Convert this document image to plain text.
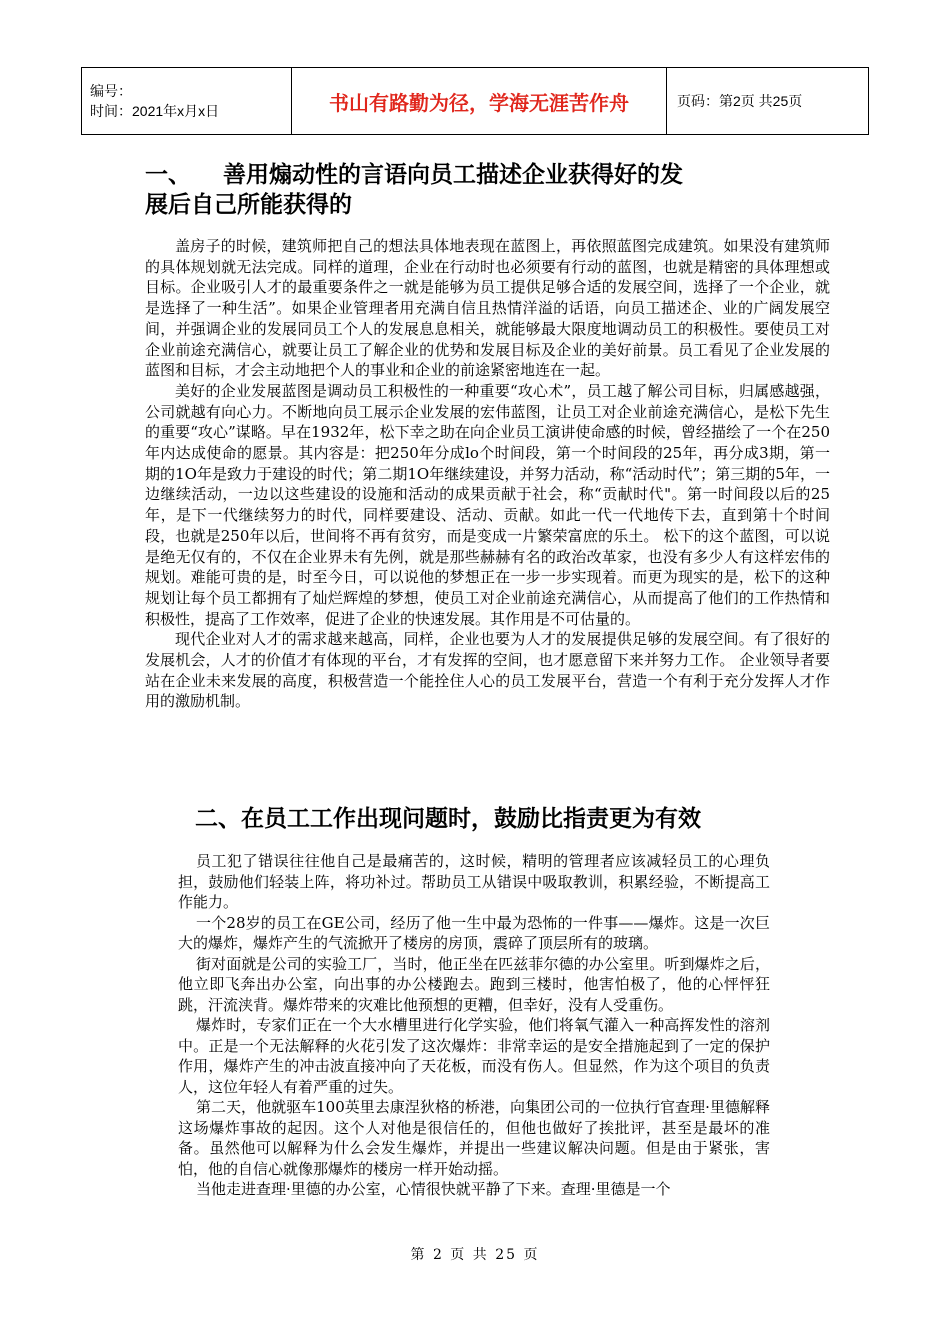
编号：
时间：2021年x月x日	书山有路勤为径，学海无涯苦作舟	页码：第2页 共25页
一、    善用煽动性的言语向员工描述企业获得好的发
展后自己所能获得的

盖房子的时候，建筑师把自己的想法具体地表现在蓝图上，再依照蓝图完成建筑。如果没有建筑师的具体规划就无法完成。同样的道理，企业在行动时也必须要有行动的蓝图，也就是精密的具体理想或目标。企业吸引人才的最重要条件之一就是能够为员工提供足够合适的发展空间，选择了一个企业，就是选择了一种生活”。如果企业管理者用充满自信且热情洋溢的话语，向员工描述企、业的广阔发展空间，并强调企业的发展同员工个人的发展息息相关，就能够最大限度地调动员工的积极性。要使员工对企业前途充满信心，就要让员工了解企业的优势和发展目标及企业的美好前景。员工看见了企业发展的蓝图和目标，才会主动地把个人的事业和企业的前途紧密地连在一起。

美好的企业发展蓝图是调动员工积极性的一种重要“攻心术”，员工越了解公司目标，归属感越强，公司就越有向心力。不断地向员工展示企业发展的宏伟蓝图，让员工对企业前途充满信心，是松下先生的重要“攻心”谋略。早在1932年，松下幸之助在向企业员工演讲使命感的时候，曾经描绘了一个在250年内达成使命的愿景。其内容是：把250年分成lo个时间段，第一个时间段的25年，再分成3期，第一期的1O年是致力于建设的时代；第二期1O年继续建设，并努力活动，称“活动时代”；第三期的5年，一边继续活动，一边以这些建设的设施和活动的成果贡献于社会，称“贡献时代"。第一时间段以后的25年，是下一代继续努力的时代，同样要建设、活动、贡献。如此一代一代地传下去，直到第十个时间段，也就是250年以后，世间将不再有贫穷，而是变成一片繁荣富庶的乐土。 松下的这个蓝图，可以说是绝无仅有的，不仅在企业界未有先例，就是那些赫赫有名的政治改革家，也没有多少人有这样宏伟的规划。难能可贵的是，时至今日，可以说他的梦想正在一步一步实现着。而更为现实的是，松下的这种规划让每个员工都拥有了灿烂辉煌的梦想，使员工对企业前途充满信心，从而提高了他们的工作热情和积极性，提高了工作效率，促进了企业的快速发展。其作用是不可估量的。

现代企业对人才的需求越来越高，同样，企业也要为人才的发展提供足够的发展空间。有了很好的发展机会，人才的价值才有体现的平台，才有发挥的空间，也才愿意留下来并努力工作。 企业领导者要站在企业未来发展的高度，积极营造一个能拴住人心的员工发展平台，营造一个有利于充分发挥人才作用的激励机制。

二、在员工工作出现问题时，鼓励比指责更为有效

员工犯了错误往往他自己是最痛苦的，这时候，精明的管理者应该减轻员工的心理负担，鼓励他们轻装上阵，将功补过。帮助员工从错误中吸取教训，积累经验，不断提高工作能力。

一个28岁的员工在GE公司，经历了他一生中最为恐怖的一件事——爆炸。这是一次巨大的爆炸，爆炸产生的气流掀开了楼房的房顶，震碎了顶层所有的玻璃。

街对面就是公司的实验工厂，当时，他正坐在匹兹菲尔德的办公室里。听到爆炸之后，他立即飞奔出办公室，向出事的办公楼跑去。跑到三楼时，他害怕极了，他的心怦怦狂跳，汗流浃背。爆炸带来的灾难比他预想的更糟，但幸好，没有人受重伤。

爆炸时，专家们正在一个大水槽里进行化学实验，他们将氧气灌入一种高挥发性的溶剂中。正是一个无法解释的火花引发了这次爆炸：非常幸运的是安全措施起到了一定的保护作用，爆炸产生的冲击波直接冲向了天花板，而没有伤人。但显然，作为这个项目的负责人，这位年轻人有着严重的过失。

第二天，他就驱车100英里去康涅狄格的桥港，向集团公司的一位执行官查理·里德解释这场爆炸事故的起因。这个人对他是很信任的，但他也做好了挨批评，甚至是最坏的准备。虽然他可以解释为什么会发生爆炸，并提出一些建议解决问题。但是由于紧张，害怕，他的自信心就像那爆炸的楼房一样开始动摇。

当他走进查理·里德的办公室，心情很快就平静了下来。查理·里德是一个

第 2 页 共 25 页
